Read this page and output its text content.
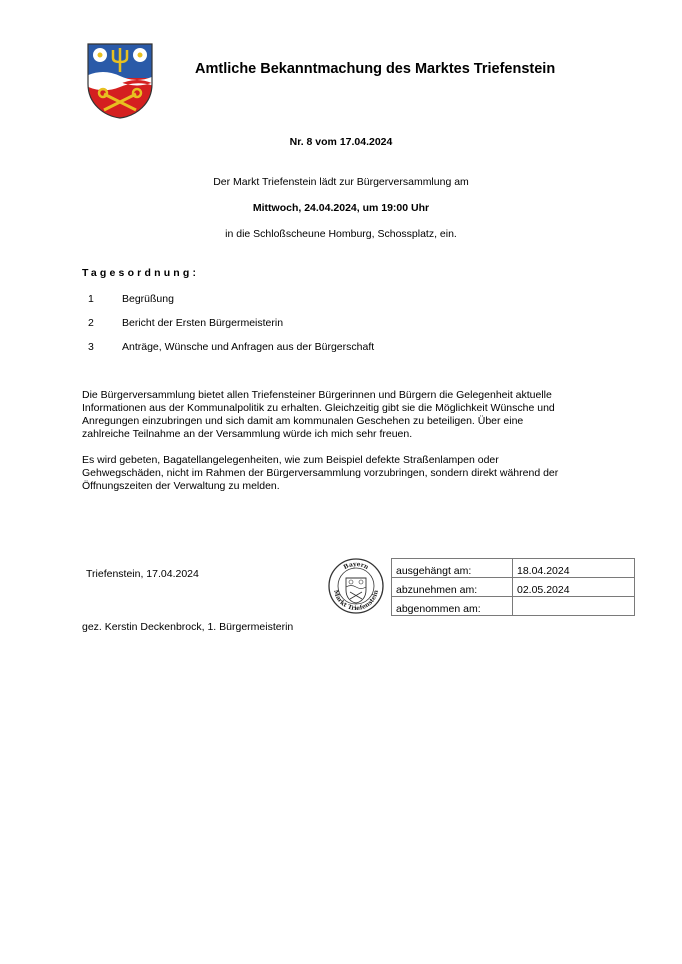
Amtliche Bekanntmachung des Marktes Triefenstein
Nr. 8 vom 17.04.2024
Der Markt Triefenstein lädt zur Bürgerversammlung am
Mittwoch, 24.04.2024, um 19:00 Uhr
in die Schloßscheune Homburg, Schossplatz, ein.
Tagesordnung:
1	Begrüßung
2	Bericht der Ersten Bürgermeisterin
3	Anträge, Wünsche und Anfragen aus der Bürgerschaft
Die Bürgerversammlung bietet allen Triefensteiner Bürgerinnen und Bürgern die Gelegenheit aktuelle
Informationen aus der Kommunalpolitik zu erhalten. Gleichzeitig gibt sie die Möglichkeit Wünsche und
Anregungen einzubringen und sich damit am kommunalen Geschehen zu beteiligen. Über eine
zahlreiche Teilnahme an der Versammlung würde ich mich sehr freuen.
Es wird gebeten, Bagatellangelegenheiten, wie zum Beispiel defekte Straßenlampen oder
Gehwegschäden, nicht im Rahmen der Bürgerversammlung vorzubringen, sondern direkt während der
Öffnungszeiten der Verwaltung zu melden.
Triefenstein, 17.04.2024
Bayern
Markt Triefenstein
ausgehängt am:	18.04.2024
abzunehmen am:	02.05.2024
abgenommen am:	
gez. Kerstin Deckenbrock, 1. Bürgermeisterin
